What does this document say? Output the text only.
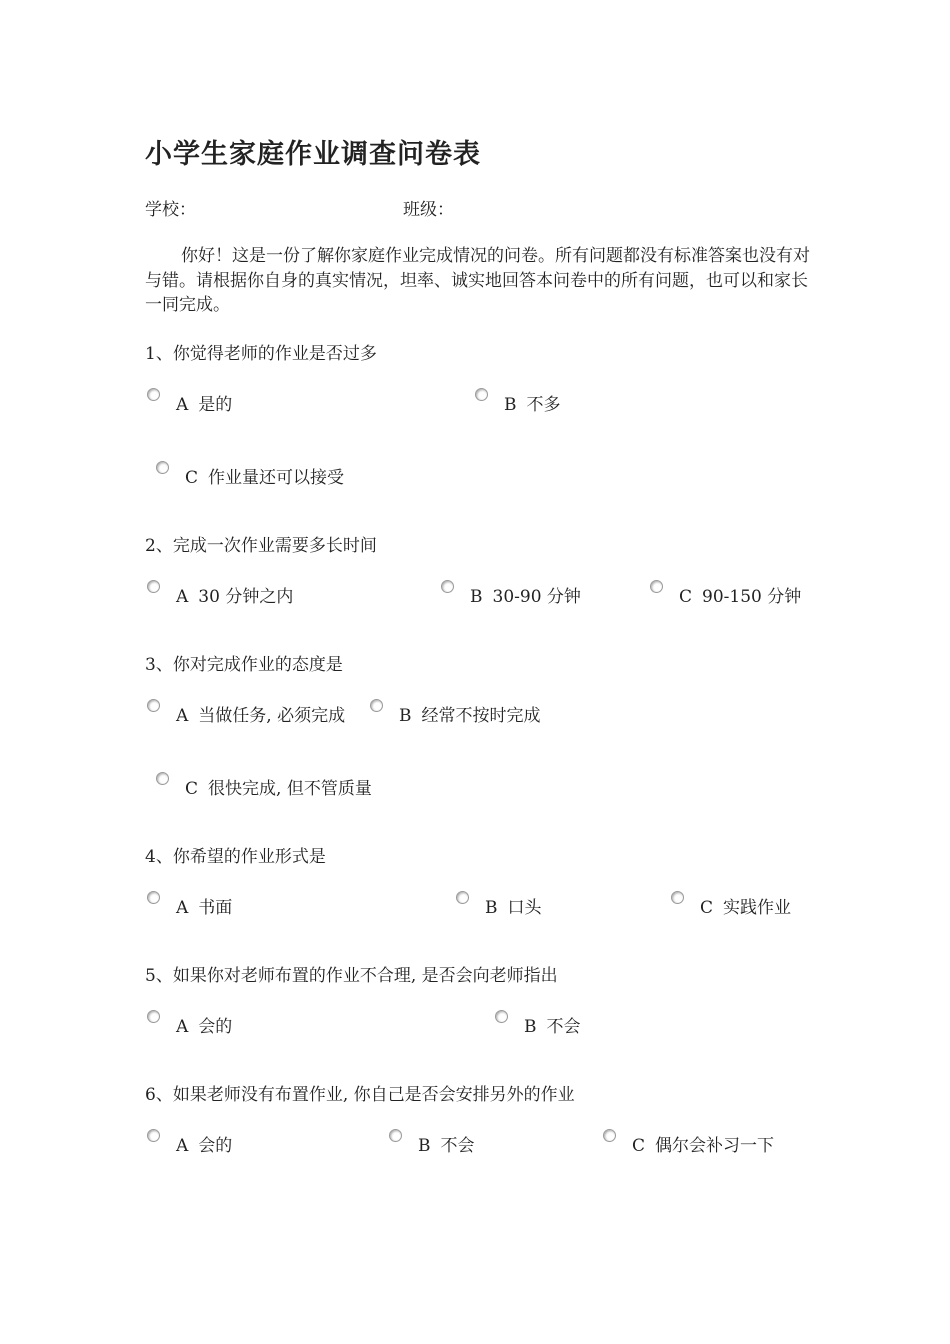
小学生家庭作业调查问卷表
学校：	班级：
你好！这是一份了解你家庭作业完成情况的问卷。所有问题都没有标准答案也没有对与错。请根据你自身的真实情况，坦率、诚实地回答本问卷中的所有问题，也可以和家长一同完成。
1、你觉得老师的作业是否过多
A 是的	B 不多
C 作业量还可以接受
2、完成一次作业需要多长时间
A 30 分钟之内	B 30-90 分钟	C 90-150 分钟
3、你对完成作业的态度是
A 当做任务, 必须完成	B 经常不按时完成
C 很快完成, 但不管质量
4、你希望的作业形式是
A 书面	B 口头	C 实践作业
5、如果你对老师布置的作业不合理, 是否会向老师指出
A 会的	B 不会
6、如果老师没有布置作业, 你自己是否会安排另外的作业
A 会的	B 不会	C 偶尔会补习一下
